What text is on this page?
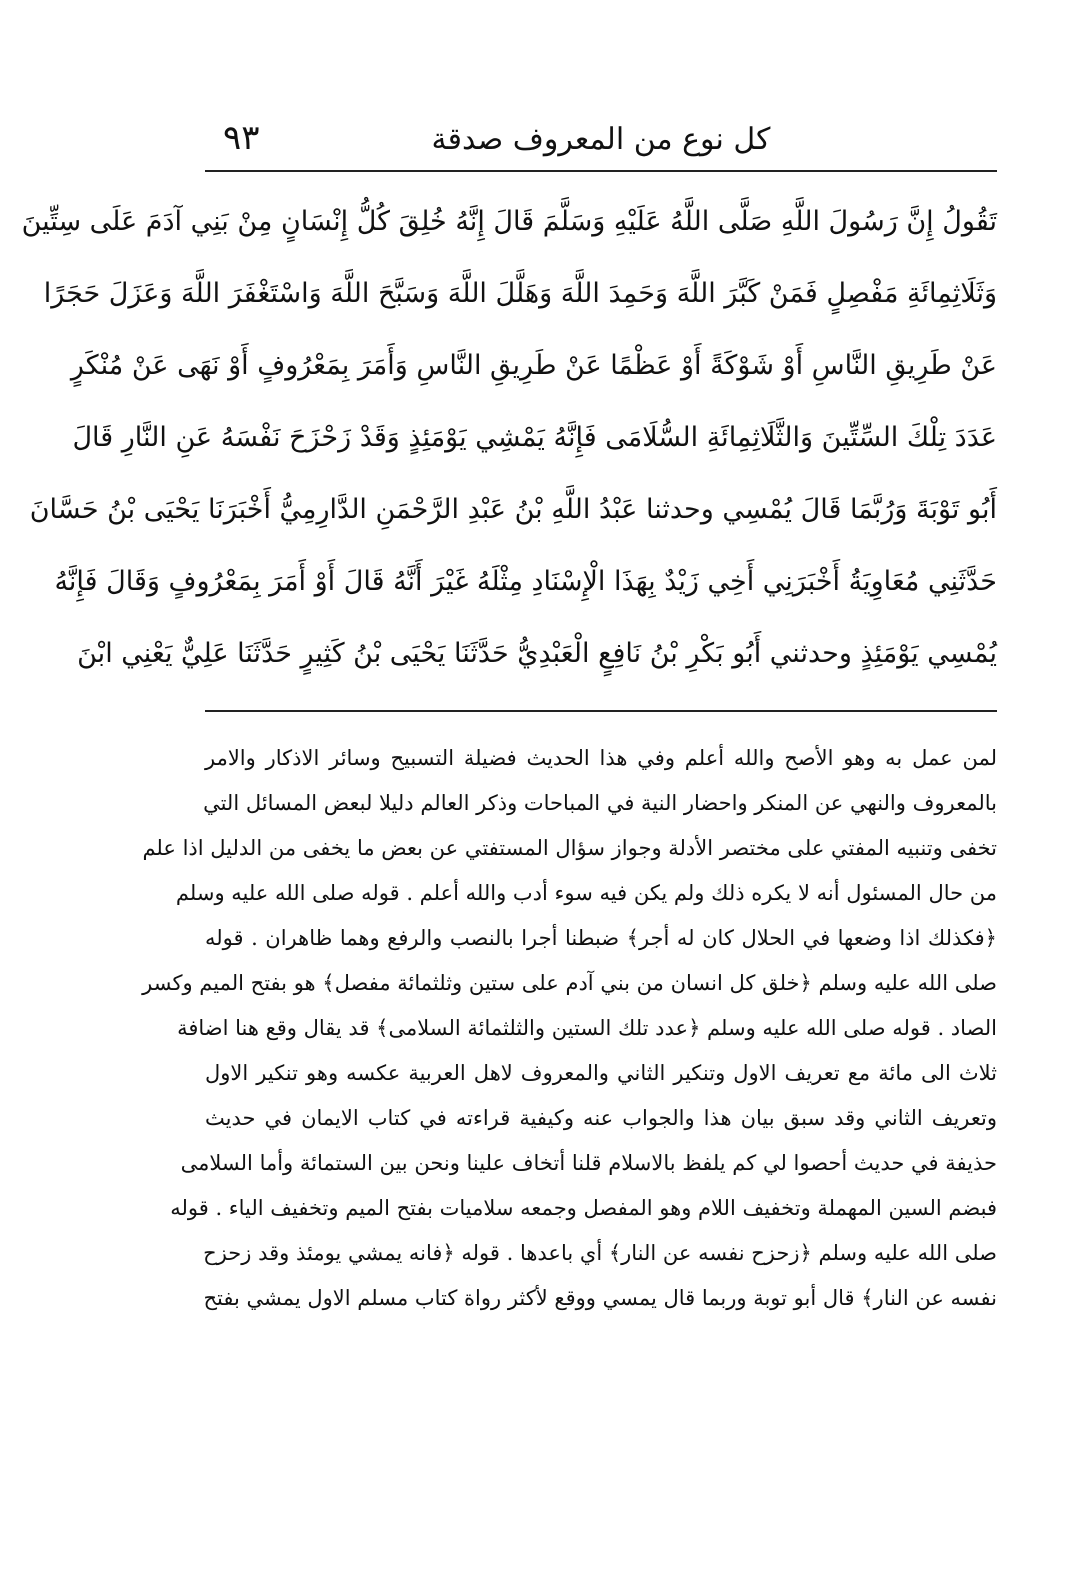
٩٣	كل نوع من المعروف صدقة
تَقُولُ إِنَّ رَسُولَ اللَّهِ صَلَّى اللَّهُ عَلَيْهِ وَسَلَّمَ قَالَ إِنَّهُ خُلِقَ كُلُّ إِنْسَانٍ مِنْ بَنِي آدَمَ عَلَى سِتِّينَ
وَثَلَاثِمِائَةِ مَفْصِلٍ فَمَنْ كَبَّرَ اللَّهَ وَحَمِدَ اللَّهَ وَهَلَّلَ اللَّهَ وَسَبَّحَ اللَّهَ وَاسْتَغْفَرَ اللَّهَ وَعَزَلَ حَجَرًا
عَنْ طَرِيقِ النَّاسِ أَوْ شَوْكَةً أَوْ عَظْمًا عَنْ طَرِيقِ النَّاسِ وَأَمَرَ بِمَعْرُوفٍ أَوْ نَهَى عَنْ مُنْكَرٍ
عَدَدَ تِلْكَ السِّتِّينَ وَالثَّلَاثِمِائَةِ السُّلَامَى فَإِنَّهُ يَمْشِي يَوْمَئِذٍ وَقَدْ زَحْزَحَ نَفْسَهُ عَنِ النَّارِ قَالَ
أَبُو تَوْبَةَ وَرُبَّمَا قَالَ يُمْسِي وحدثنا عَبْدُ اللَّهِ بْنُ عَبْدِ الرَّحْمَنِ الدَّارِمِيُّ أَخْبَرَنَا يَحْيَى بْنُ حَسَّانَ
حَدَّثَنِي مُعَاوِيَةُ أَخْبَرَنِي أَخِي زَيْدٌ بِهَذَا الْإِسْنَادِ مِثْلَهُ غَيْرَ أَنَّهُ قَالَ أَوْ أَمَرَ بِمَعْرُوفٍ وَقَالَ فَإِنَّهُ
يُمْسِي يَوْمَئِذٍ وحدثني أَبُو بَكْرِ بْنُ نَافِعٍ الْعَبْدِيُّ حَدَّثَنَا يَحْيَى بْنُ كَثِيرٍ حَدَّثَنَا عَلِيٌّ يَعْنِي ابْنَ
لمن عمل به وهو الأصح والله أعلم وفي هذا الحديث فضيلة التسبيح وسائر الاذكار والامر
بالمعروف والنهي عن المنكر واحضار النية في المباحات وذكر العالم دليلا لبعض المسائل التي
تخفى وتنبيه المفتي على مختصر الأدلة وجواز سؤال المستفتي عن بعض ما يخفى من الدليل اذا علم
من حال المسئول أنه لا يكره ذلك ولم يكن فيه سوء أدب والله أعلم . قوله صلى الله عليه وسلم
﴿فكذلك اذا وضعها في الحلال كان له أجر﴾ ضبطنا أجرا بالنصب والرفع وهما ظاهران . قوله
صلى الله عليه وسلم ﴿خلق كل انسان من بني آدم على ستين وثلثمائة مفصل﴾ هو بفتح الميم وكسر
الصاد . قوله صلى الله عليه وسلم ﴿عدد تلك الستين والثلثمائة السلامى﴾ قد يقال وقع هنا اضافة
ثلاث الى مائة مع تعريف الاول وتنكير الثاني والمعروف لاهل العربية عكسه وهو تنكير الاول
وتعريف الثاني وقد سبق بيان هذا والجواب عنه وكيفية قراءته في كتاب الايمان في حديث
حذيفة في حديث أحصوا لي كم يلفظ بالاسلام قلنا أتخاف علينا ونحن بين الستمائة وأما السلامى
فبضم السين المهملة وتخفيف اللام وهو المفصل وجمعه سلاميات بفتح الميم وتخفيف الياء . قوله
صلى الله عليه وسلم ﴿زحزح نفسه عن النار﴾ أي باعدها . قوله ﴿فانه يمشي يومئذ وقد زحزح
نفسه عن النار﴾ قال أبو توبة وربما قال يمسي ووقع لأكثر رواة كتاب مسلم الاول يمشي بفتح
